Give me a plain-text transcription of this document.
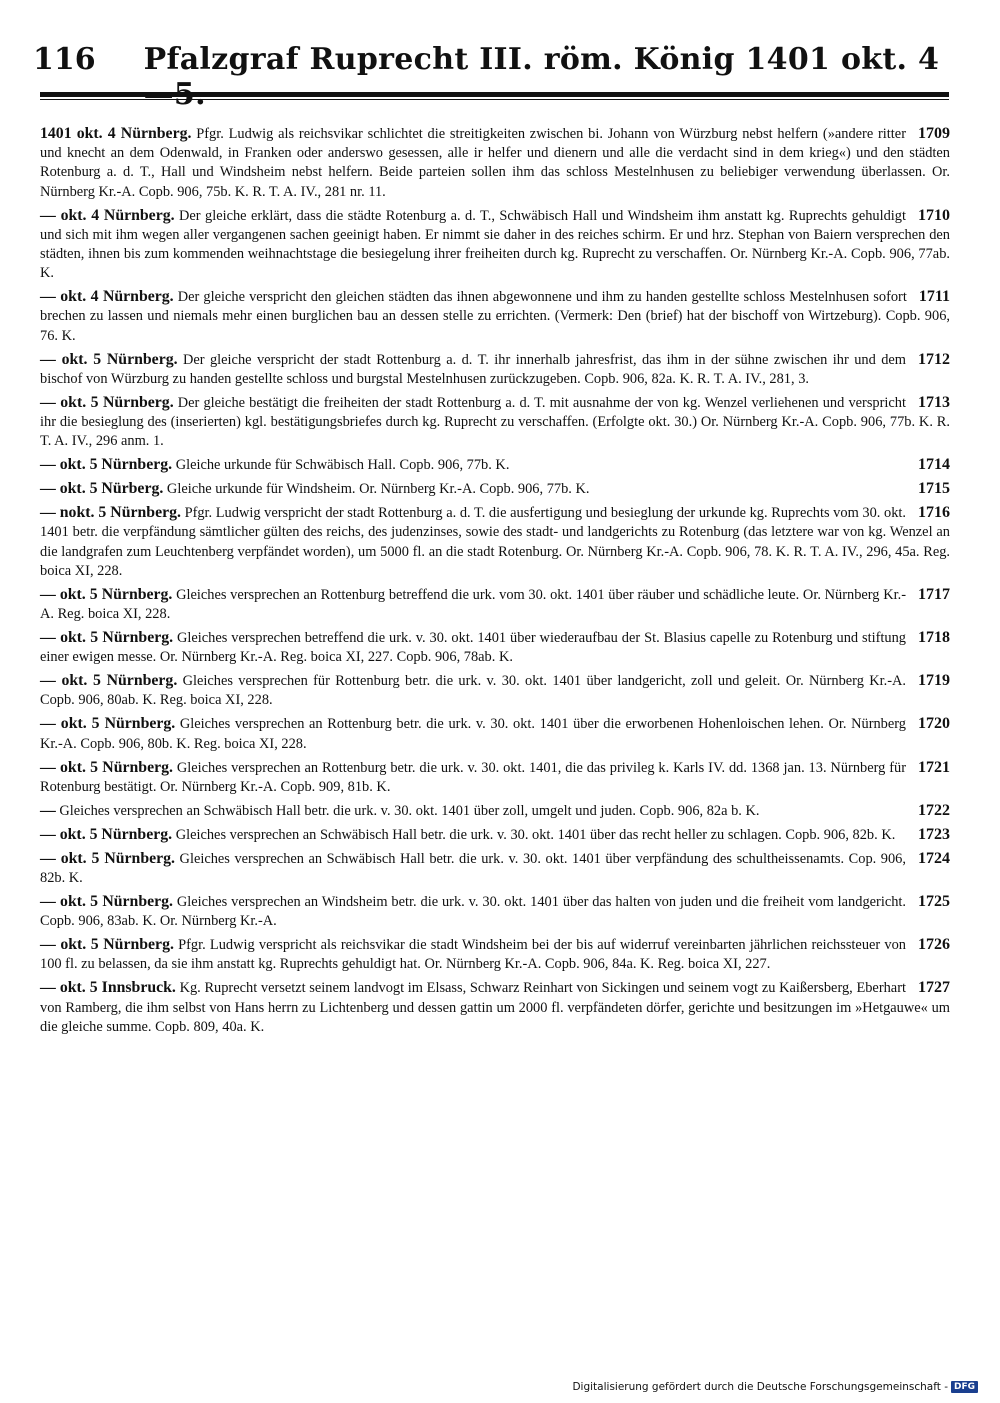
116 Pfalzgraf Ruprecht III. röm. König 1401 okt. 4
1709
1401 okt. 4 Nürnberg. Pfgr. Ludwig als reichsvikar schlichtet die streitigkeiten zwischen bi. Johann von Würzburg nebst helfern (»andere ritter und knecht an dem Odenwald, in Franken oder anderswo gesessen, alle ir helfer und dienern und alle die verdacht sind in dem krieg«) und den städten Rotenburg a. d. T., Hall und Windsheim nebst helfern. Beide parteien sollen ihm das schloss Mestelnhusen zu beliebiger verwendung überlassen. Or. Nürnberg Kr.-A. Copb. 906, 75b. K. R. T. A. IV., 281 nr. 11.
1710
— okt. 4 Nürnberg. Der gleiche erklärt, dass die städte Rotenburg a. d. T., Schwäbisch Hall und Windsheim ihm anstatt kg. Ruprechts gehuldigt und sich mit ihm wegen aller vergangenen sachen geeinigt haben. Er nimmt sie daher in des reiches schirm. Er und hrz. Stephan von Baiern versprechen den städten, ihnen bis zum kommenden weihnachtstage die besiegelung ihrer freiheiten durch kg. Ruprecht zu verschaffen. Or. Nürnberg Kr.-A. Copb. 906, 77ab. K.
1711
— okt. 4 Nürnberg. Der gleiche verspricht den gleichen städten das ihnen abgewonnene und ihm zu handen gestellte schloss Mestelnhusen sofort brechen zu lassen und niemals mehr einen burglichen bau an dessen stelle zu errichten. (Vermerk: Den (brief) hat der bischoff von Wirtzeburg). Copb. 906, 76. K.
1712
— okt. 5 Nürnberg. Der gleiche verspricht der stadt Rottenburg a. d. T. ihr innerhalb jahresfrist, das ihm in der sühne zwischen ihr und dem bischof von Würzburg zu handen gestellte schloss und burgstal Mestelnhusen zurückzugeben. Copb. 906, 82a. K. R. T. A. IV., 281, 3.
1713
— okt. 5 Nürnberg. Der gleiche bestätigt die freiheiten der stadt Rottenburg a. d. T. mit ausnahme der von kg. Wenzel verliehenen und verspricht ihr die besieglung des (inserierten) kgl. bestätigungsbriefes durch kg. Ruprecht zu verschaffen. (Erfolgte okt. 30.) Or. Nürnberg Kr.-A. Copb. 906, 77b. K. R. T. A. IV., 296 anm. 1.
1714
— okt. 5 Nürnberg. Gleiche urkunde für Schwäbisch Hall. Copb. 906, 77b. K.
1715
— okt. 5 Nürberg. Gleiche urkunde für Windsheim. Or. Nürnberg Kr.-A. Copb. 906, 77b. K.
1716
— nokt. 5 Nürnberg. Pfgr. Ludwig verspricht der stadt Rottenburg a. d. T. die ausfertigung und besieglung der urkunde kg. Ruprechts vom 30. okt. 1401 betr. die verpfändung sämtlicher gülten des reichs, des judenzinses, sowie des stadt- und landgerichts zu Rotenburg (das letztere war von kg. Wenzel an die landgrafen zum Leuchtenberg verpfändet worden), um 5000 fl. an die stadt Rotenburg. Or. Nürnberg Kr.-A. Copb. 906, 78. K. R. T. A. IV., 296, 45a. Reg. boica XI, 228.
1717
— okt. 5 Nürnberg. Gleiches versprechen an Rottenburg betreffend die urk. vom 30. okt. 1401 über räuber und schädliche leute. Or. Nürnberg Kr.-A. Reg. boica XI, 228.
1718
— okt. 5 Nürnberg. Gleiches versprechen betreffend die urk. v. 30. okt. 1401 über wiederaufbau der St. Blasius capelle zu Rotenburg und stiftung einer ewigen messe. Or. Nürnberg Kr.-A. Reg. boica XI, 227. Copb. 906, 78ab. K.
1719
— okt. 5 Nürnberg. Gleiches versprechen für Rottenburg betr. die urk. v. 30. okt. 1401 über landgericht, zoll und geleit. Or. Nürnberg Kr.-A. Copb. 906, 80ab. K. Reg. boica XI, 228.
1720
— okt. 5 Nürnberg. Gleiches versprechen an Rottenburg betr. die urk. v. 30. okt. 1401 über die erworbenen Hohenloischen lehen. Or. Nürnberg Kr.-A. Copb. 906, 80b. K. Reg. boica XI, 228.
1721
— okt. 5 Nürnberg. Gleiches versprechen an Rottenburg betr. die urk. v. 30. okt. 1401, die das privileg k. Karls IV. dd. 1368 jan. 13. Nürnberg für Rotenburg bestätigt. Or. Nürnberg Kr.-A. Copb. 909, 81b. K.
1722
— Gleiches versprechen an Schwäbisch Hall betr. die urk. v. 30. okt. 1401 über zoll, umgelt und juden. Copb. 906, 82a b. K.
1723
— okt. 5 Nürnberg. Gleiches versprechen an Schwäbisch Hall betr. die urk. v. 30. okt. 1401 über das recht heller zu schlagen. Copb. 906, 82b. K.
1724
— okt. 5 Nürnberg. Gleiches versprechen an Schwäbisch Hall betr. die urk. v. 30. okt. 1401 über verpfändung des schultheissenamts. Cop. 906, 82b. K.
1725
— okt. 5 Nürnberg. Gleiches versprechen an Windsheim betr. die urk. v. 30. okt. 1401 über das halten von juden und die freiheit vom landgericht. Copb. 906, 83ab. K. Or. Nürnberg Kr.-A.
1726
— okt. 5 Nürnberg. Pfgr. Ludwig verspricht als reichsvikar die stadt Windsheim bei der bis auf widerruf vereinbarten jährlichen reichssteuer von 100 fl. zu belassen, da sie ihm anstatt kg. Ruprechts gehuldigt hat. Or. Nürnberg Kr.-A. Copb. 906, 84a. K. Reg. boica XI, 227.
1727
— okt. 5 Innsbruck. Kg. Ruprecht versetzt seinem landvogt im Elsass, Schwarz Reinhart von Sickingen und seinem vogt zu Kaißersberg, Eberhart von Ramberg, die ihm selbst von Hans herrn zu Lichtenberg und dessen gattin um 2000 fl. verpfändeten dörfer, gerichte und besitzungen im »Hetgauwe« um die gleiche summe. Copb. 809, 40a. K.
Digitalisierung gefördert durch die Deutsche Forschungsgemeinschaft - DFG
